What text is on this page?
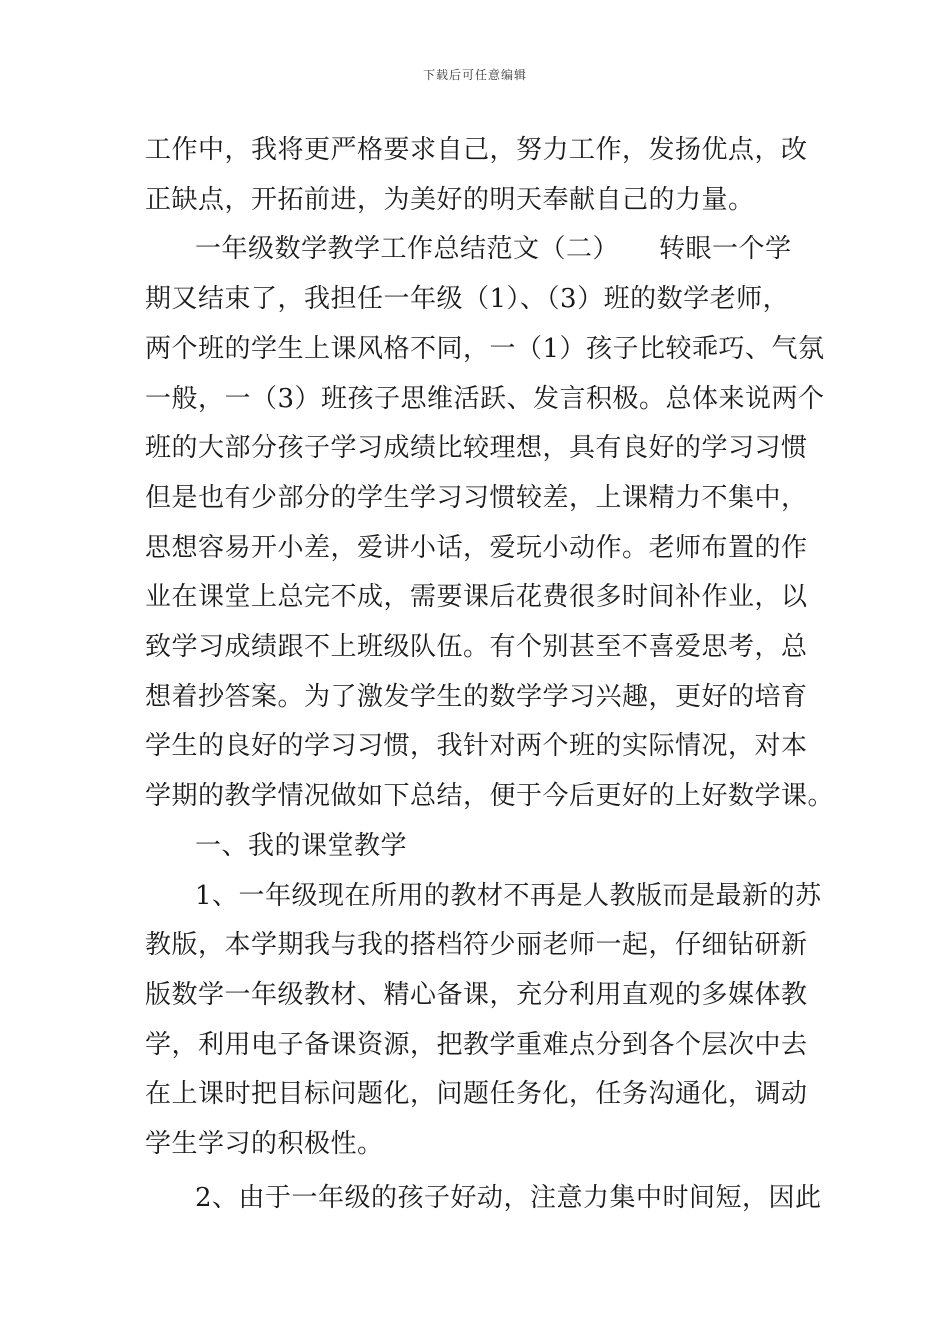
下载后可任意编辑
工作中，我将更严格要求自己，努力工作，发扬优点，改
正缺点，开拓前进，为美好的明天奉献自己的力量。
一年级数学教学工作总结范文（二）　　转眼一个学
期又结束了，我担任一年级（1）、（3）班的数学老师，
两个班的学生上课风格不同，一（1）孩子比较乖巧、气氛
一般，一（3）班孩子思维活跃、发言积极。总体来说两个
班的大部分孩子学习成绩比较理想，具有良好的学习习惯
但是也有少部分的学生学习习惯较差，上课精力不集中，
思想容易开小差，爱讲小话，爱玩小动作。老师布置的作
业在课堂上总完不成，需要课后花费很多时间补作业，以
致学习成绩跟不上班级队伍。有个别甚至不喜爱思考，总
想着抄答案。为了激发学生的数学学习兴趣，更好的培育
学生的良好的学习习惯，我针对两个班的实际情况，对本
学期的教学情况做如下总结，便于今后更好的上好数学课。
一、我的课堂教学
1、一年级现在所用的教材不再是人教版而是最新的苏
教版，本学期我与我的搭档符少丽老师一起，仔细钻研新
版数学一年级教材、精心备课，充分利用直观的多媒体教
学，利用电子备课资源，把教学重难点分到各个层次中去
在上课时把目标问题化，问题任务化，任务沟通化，调动
学生学习的积极性。
2、由于一年级的孩子好动，注意力集中时间短，因此
